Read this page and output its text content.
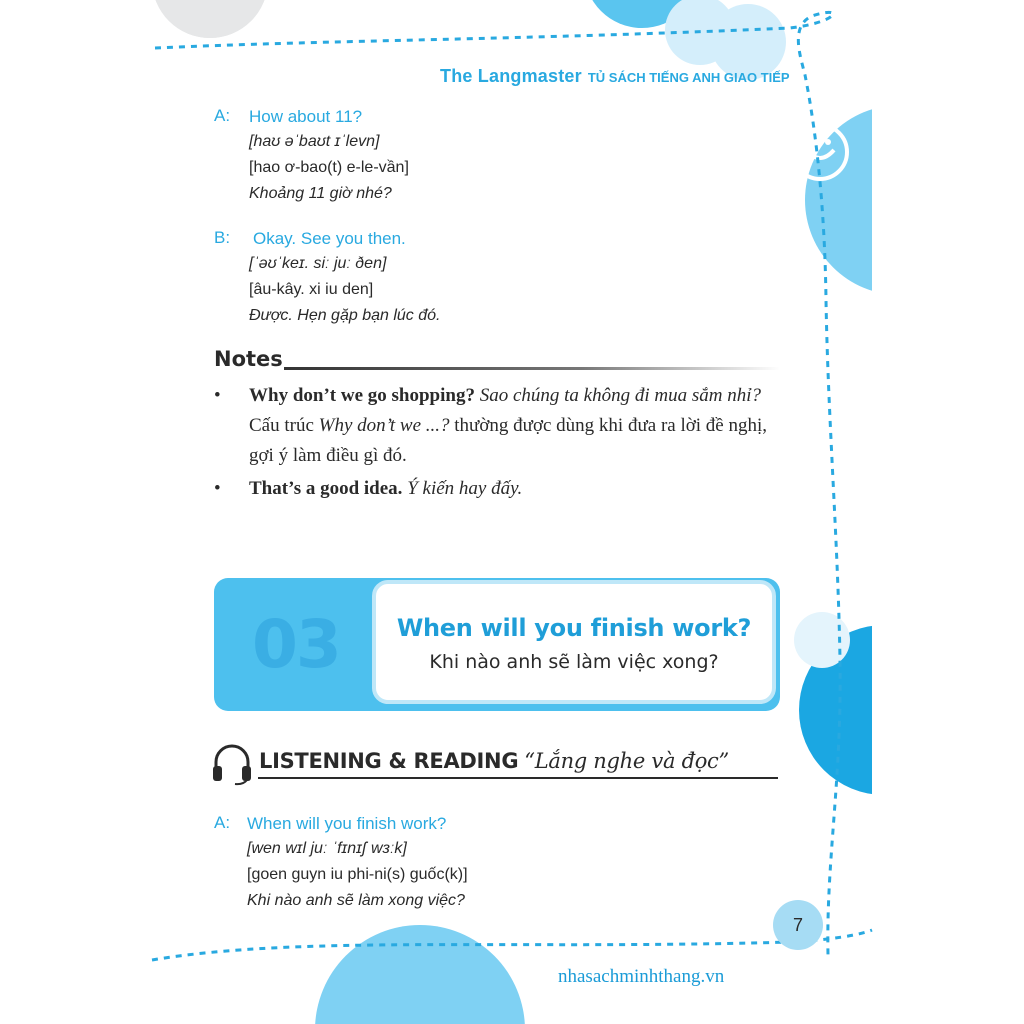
The Langmaster TỦ SÁCH TIẾNG ANH GIAO TIẾP
A: How about 11?
[haʊ əˈbaʊt ɪˈlevn]
[hao ơ-bao(t) e-le-vần]
Khoảng 11 giờ nhé?
B: Okay. See you then.
[ˈəʊˈkeɪ. siː juː ðen]
[âu-kây. xi iu den]
Được. Hẹn gặp bạn lúc đó.
Notes
• Why don’t we go shopping? Sao chúng ta không đi mua sắm nhỉ? Cấu trúc Why don’t we ...? thường được dùng khi đưa ra lời đề nghị, gợi ý làm điều gì đó.
• That’s a good idea. Ý kiến hay đấy.
03	When will you finish work?
Khi nào anh sẽ làm việc xong?
LISTENING & READING “Lắng nghe và đọc”
A: When will you finish work?
[wen wɪl juː ˈfɪnɪʃ wɜːk]
[goen guyn iu phi-ni(s) guốc(k)]
Khi nào anh sẽ làm xong việc?
7
nhasachminhthang.vn
